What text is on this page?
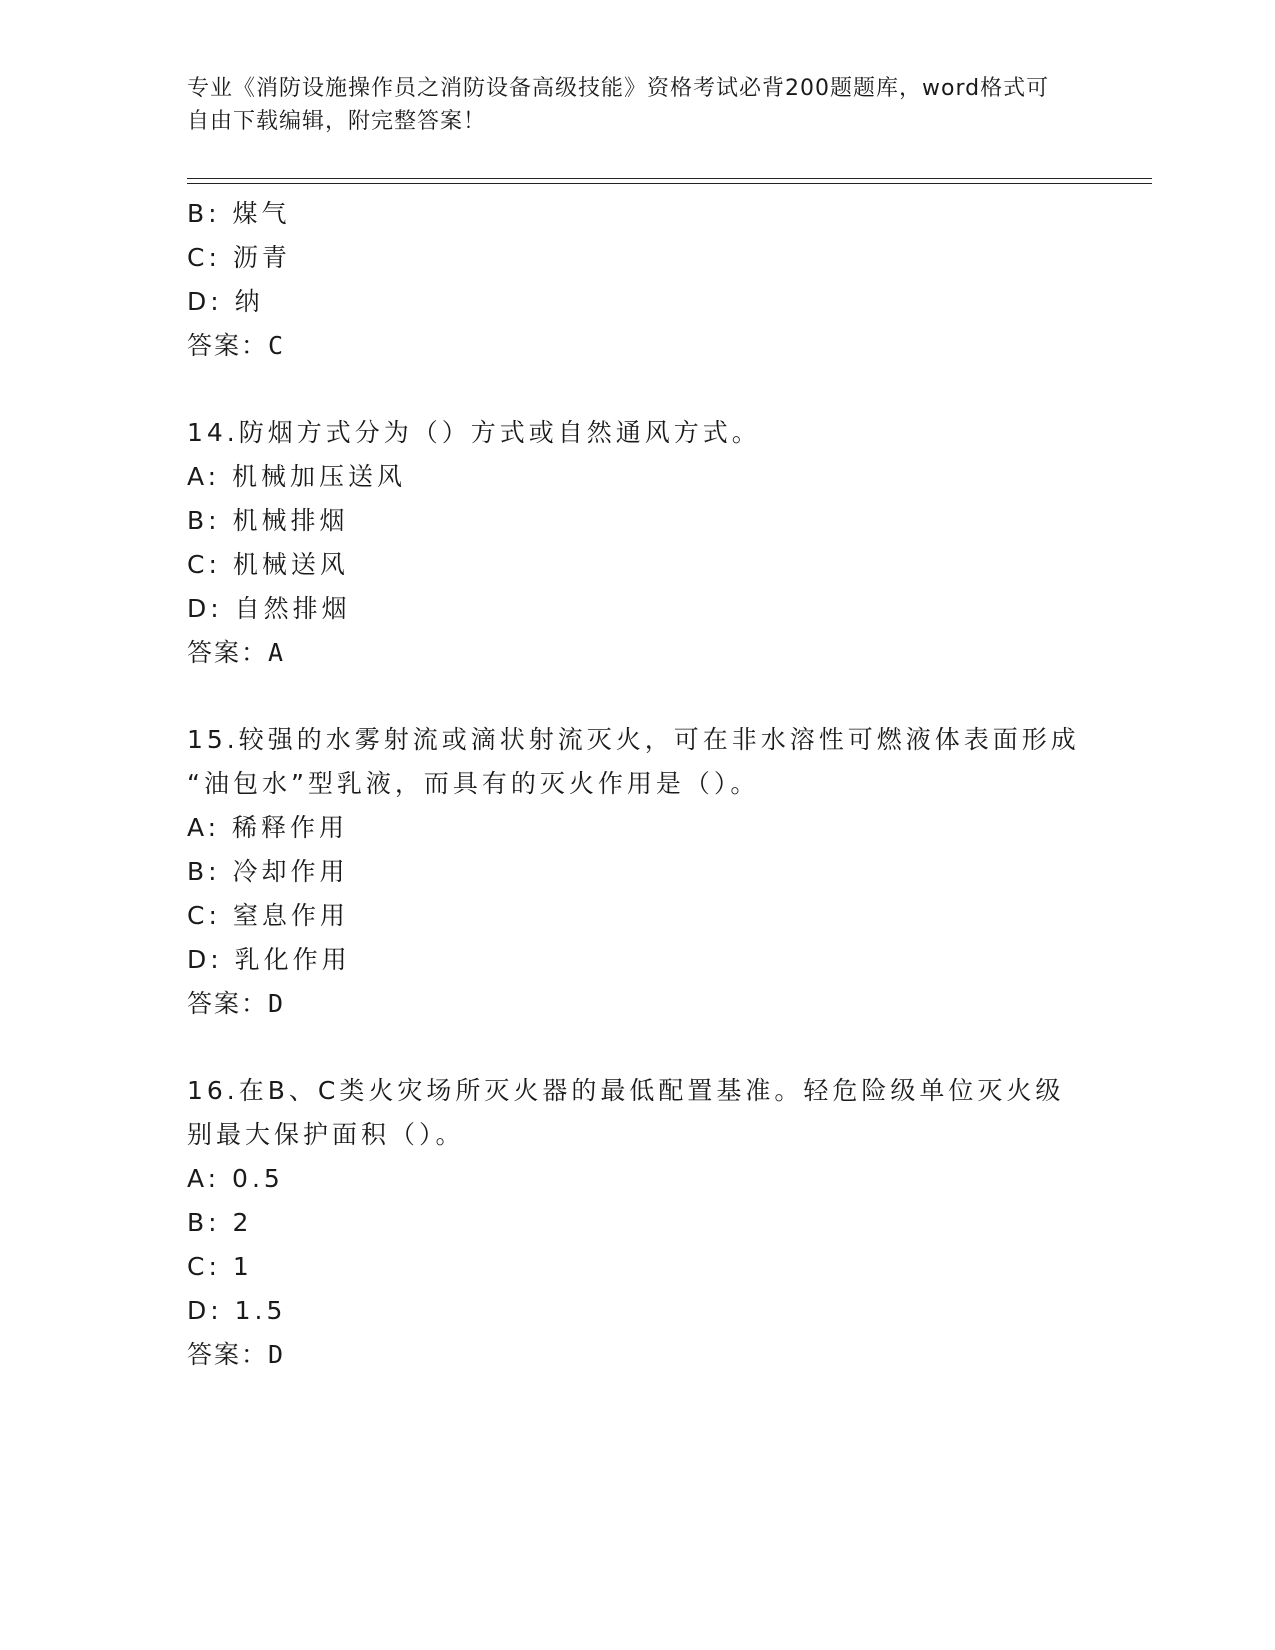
专业《消防设施操作员之消防设备高级技能》资格考试必背200题题库，word格式可自由下载编辑，附完整答案！
B: 煤气
C: 沥青
D: 纳
答案：C
14.防烟方式分为（）方式或自然通风方式。
A: 机械加压送风
B: 机械排烟
C: 机械送风
D: 自然排烟
答案：A
15.较强的水雾射流或滴状射流灭火，可在非水溶性可燃液体表面形成
“油包水”型乳液，而具有的灭火作用是（）。
A: 稀释作用
B: 冷却作用
C: 窒息作用
D: 乳化作用
答案：D
16.在B、C类火灾场所灭火器的最低配置基准。轻危险级单位灭火级
别最大保护面积（）。
A: 0.5
B: 2
C: 1
D: 1.5
答案：D
